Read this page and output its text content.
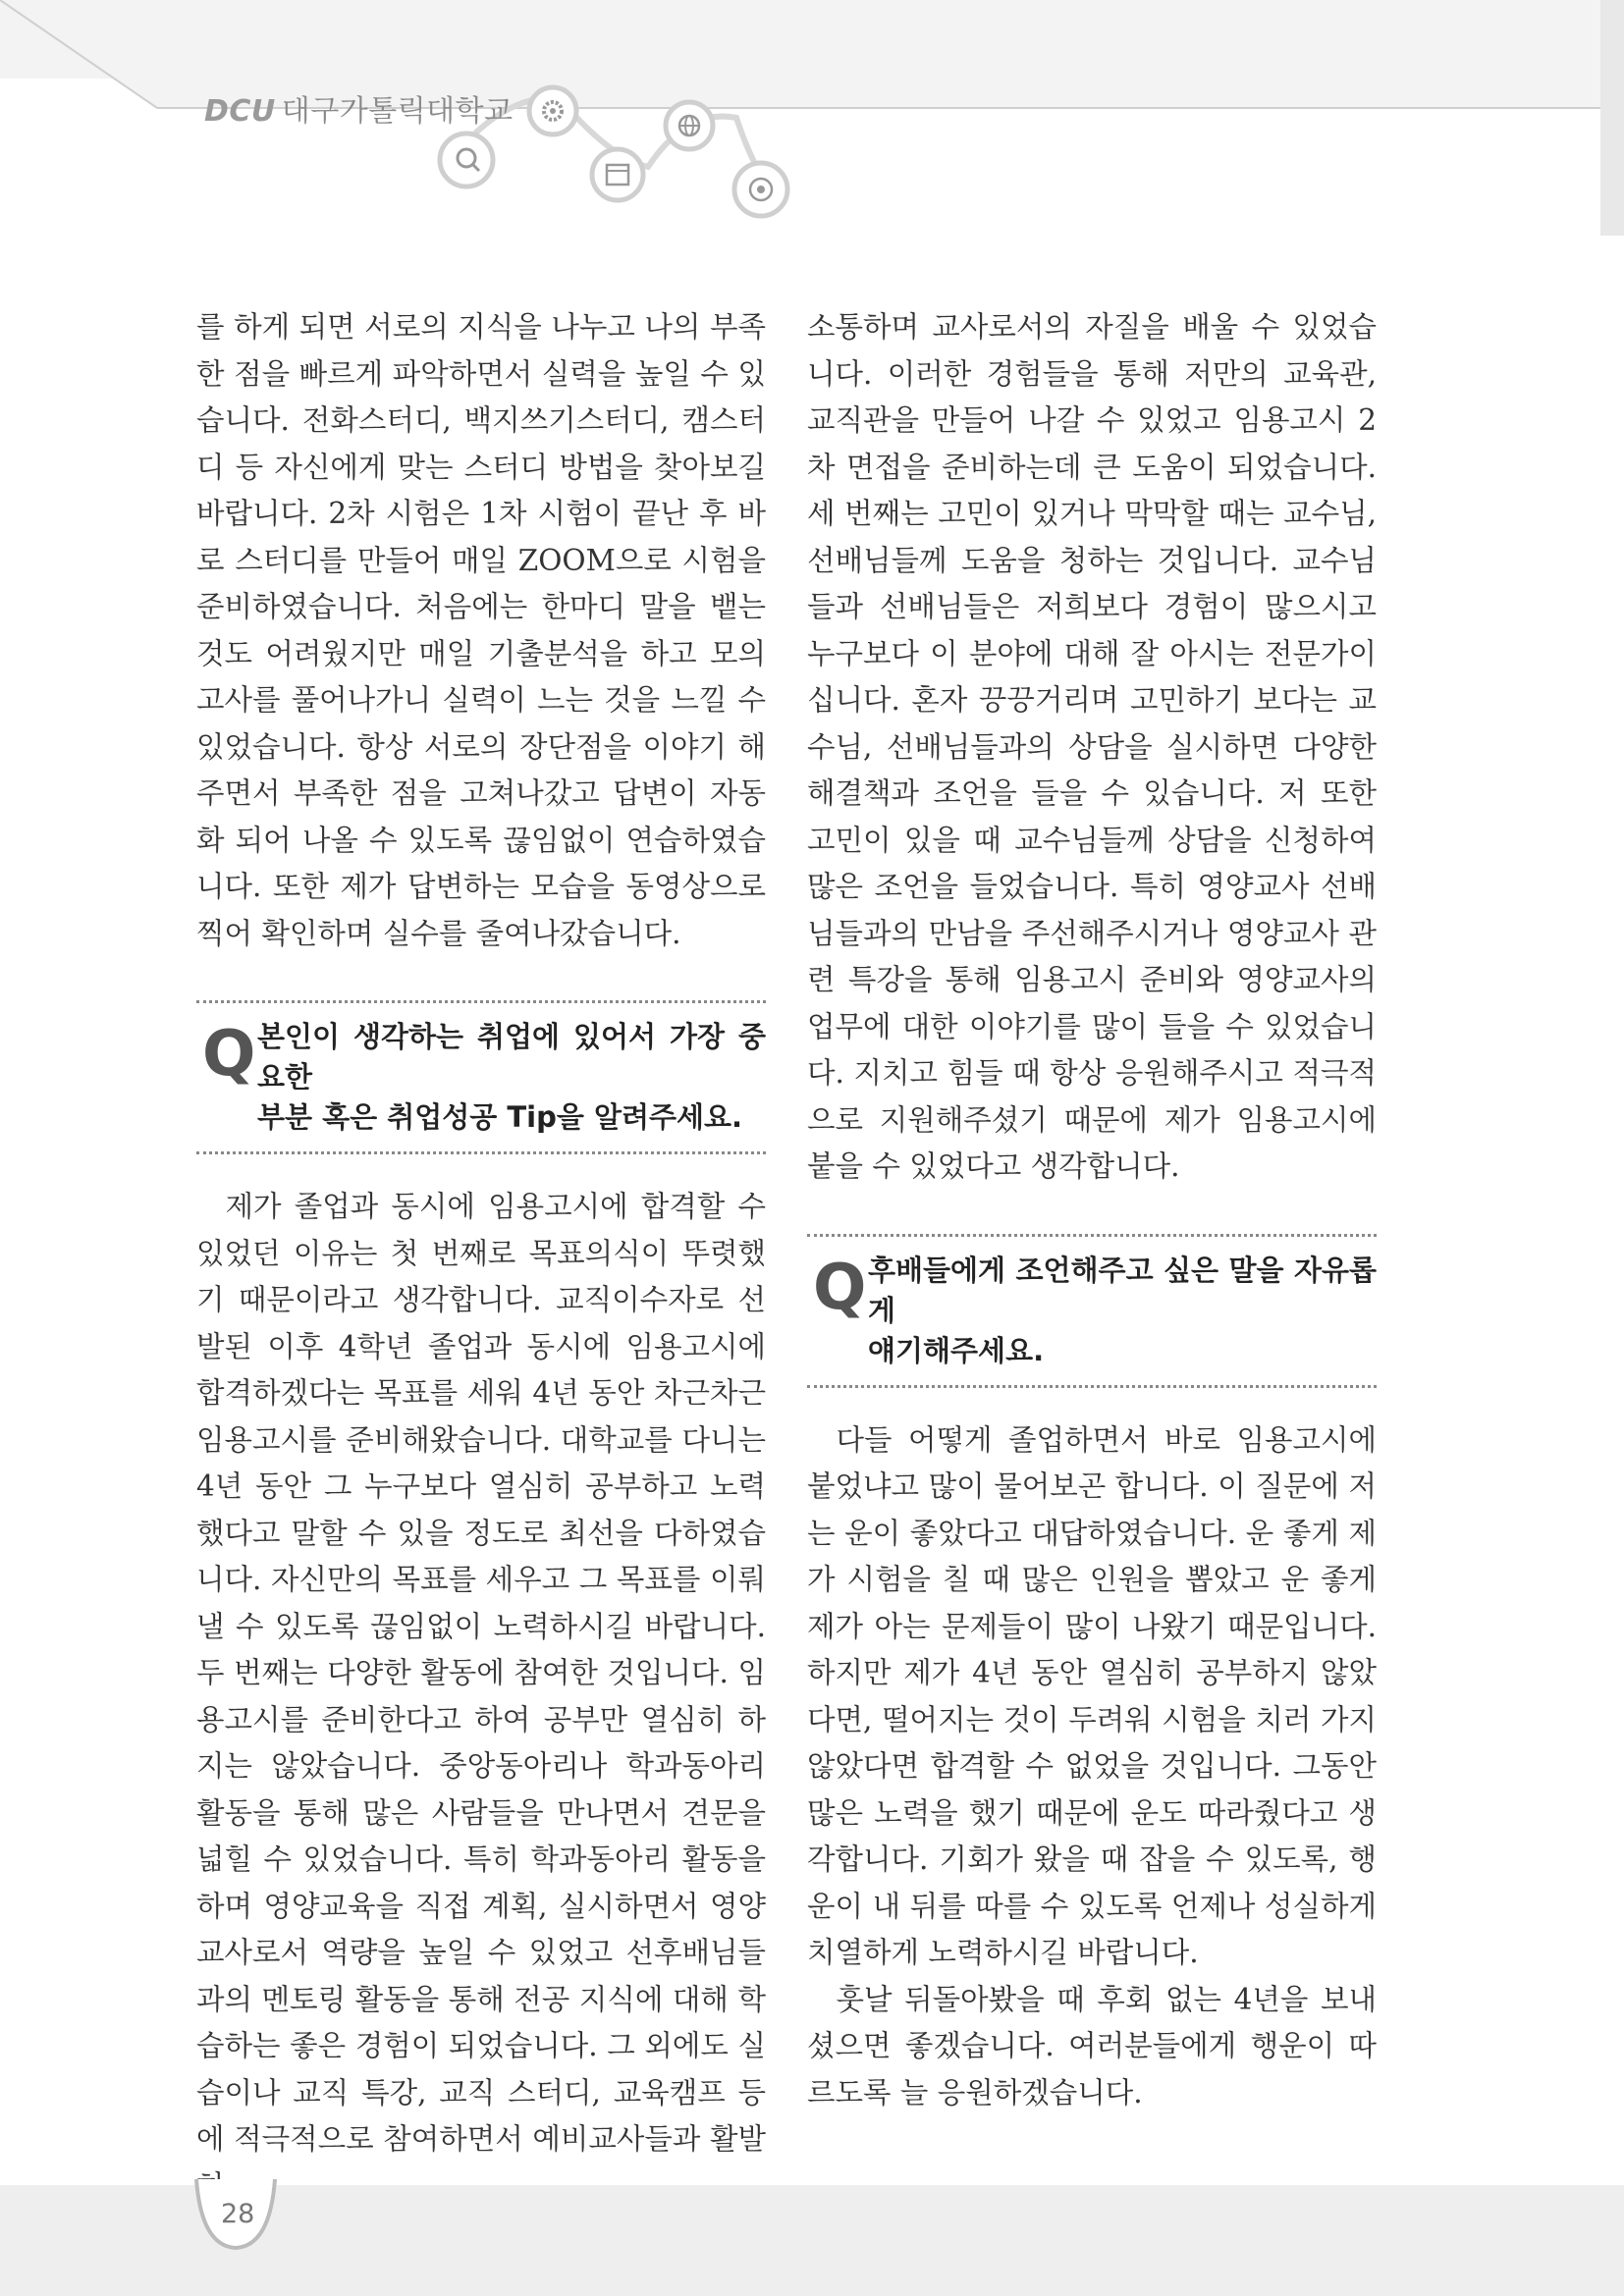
DCU 대구가톨릭대학교

를 하게 되면 서로의 지식을 나누고 나의 부족한 점을 빠르게 파악하면서 실력을 높일 수 있습니다. 전화스터디, 백지쓰기스터디, 캠스터디 등 자신에게 맞는 스터디 방법을 찾아보길 바랍니다. 2차 시험은 1차 시험이 끝난 후 바로 스터디를 만들어 매일 ZOOM으로 시험을 준비하였습니다. 처음에는 한마디 말을 뱉는 것도 어려웠지만 매일 기출분석을 하고 모의고사를 풀어나가니 실력이 느는 것을 느낄 수 있었습니다. 항상 서로의 장단점을 이야기 해주면서 부족한 점을 고쳐나갔고 답변이 자동화 되어 나올 수 있도록 끊임없이 연습하였습니다. 또한 제가 답변하는 모습을 동영상으로 찍어 확인하며 실수를 줄여나갔습니다.

Q 본인이 생각하는 취업에 있어서 가장 중요한
부분 혹은 취업성공 Tip을 알려주세요.

제가 졸업과 동시에 임용고시에 합격할 수 있었던 이유는 첫 번째로 목표의식이 뚜렷했기 때문이라고 생각합니다. 교직이수자로 선발된 이후 4학년 졸업과 동시에 임용고시에 합격하겠다는 목표를 세워 4년 동안 차근차근 임용고시를 준비해왔습니다. 대학교를 다니는 4년 동안 그 누구보다 열심히 공부하고 노력했다고 말할 수 있을 정도로 최선을 다하였습니다. 자신만의 목표를 세우고 그 목표를 이뤄낼 수 있도록 끊임없이 노력하시길 바랍니다. 두 번째는 다양한 활동에 참여한 것입니다. 임용고시를 준비한다고 하여 공부만 열심히 하지는 않았습니다. 중앙동아리나 학과동아리 활동을 통해 많은 사람들을 만나면서 견문을 넓힐 수 있었습니다. 특히 학과동아리 활동을 하며 영양교육을 직접 계획, 실시하면서 영양교사로서 역량을 높일 수 있었고 선후배님들과의 멘토링 활동을 통해 전공 지식에 대해 학습하는 좋은 경험이 되었습니다. 그 외에도 실습이나 교직 특강, 교직 스터디, 교육캠프 등에 적극적으로 참여하면서 예비교사들과 활발

소통하며 교사로서의 자질을 배울 수 있었습니다. 이러한 경험들을 통해 저만의 교육관, 교직관을 만들어 나갈 수 있었고 임용고시 2차 면접을 준비하는데 큰 도움이 되었습니다. 세 번째는 고민이 있거나 막막할 때는 교수님, 선배님들께 도움을 청하는 것입니다. 교수님들과 선배님들은 저희보다 경험이 많으시고 누구보다 이 분야에 대해 잘 아시는 전문가이십니다. 혼자 끙끙거리며 고민하기 보다는 교수님, 선배님들과의 상담을 실시하면 다양한 해결책과 조언을 들을 수 있습니다. 저 또한 고민이 있을 때 교수님들께 상담을 신청하여 많은 조언을 들었습니다. 특히 영양교사 선배님들과의 만남을 주선해주시거나 영양교사 관련 특강을 통해 임용고시 준비와 영양교사의 업무에 대한 이야기를 많이 들을 수 있었습니다. 지치고 힘들 때 항상 응원해주시고 적극적으로 지원해주셨기 때문에 제가 임용고시에 붙을 수 있었다고 생각합니다.

Q 후배들에게 조언해주고 싶은 말을 자유롭게
얘기해주세요.

다들 어떻게 졸업하면서 바로 임용고시에 붙었냐고 많이 물어보곤 합니다. 이 질문에 저는 운이 좋았다고 대답하였습니다. 운 좋게 제가 시험을 칠 때 많은 인원을 뽑았고 운 좋게 제가 아는 문제들이 많이 나왔기 때문입니다. 하지만 제가 4년 동안 열심히 공부하지 않았다면, 떨어지는 것이 두려워 시험을 치러 가지 않았다면 합격할 수 없었을 것입니다. 그동안 많은 노력을 했기 때문에 운도 따라줬다고 생각합니다. 기회가 왔을 때 잡을 수 있도록, 행운이 내 뒤를 따를 수 있도록 언제나 성실하게 치열하게 노력하시길 바랍니다.

훗날 뒤돌아봤을 때 후회 없는 4년을 보내셨으면 좋겠습니다. 여러분들에게 행운이 따르도록 늘 응원하겠습니다.

28
